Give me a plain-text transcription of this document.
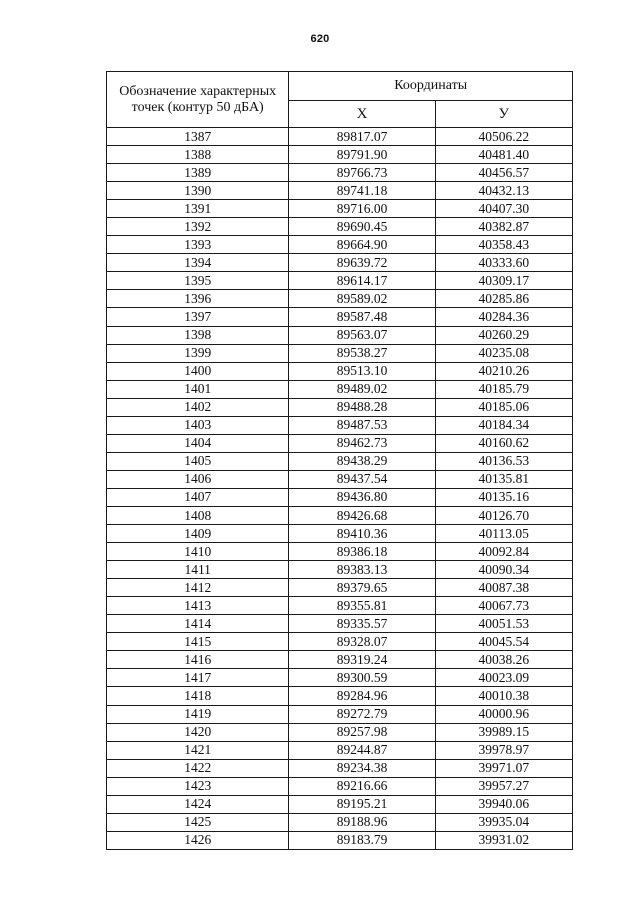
620
Обозначение характерных
точек (контур 50 дБА)	Координаты	
	X	У
1387	89817.07	40506.22
1388	89791.90	40481.40
1389	89766.73	40456.57
1390	89741.18	40432.13
1391	89716.00	40407.30
1392	89690.45	40382.87
1393	89664.90	40358.43
1394	89639.72	40333.60
1395	89614.17	40309.17
1396	89589.02	40285.86
1397	89587.48	40284.36
1398	89563.07	40260.29
1399	89538.27	40235.08
1400	89513.10	40210.26
1401	89489.02	40185.79
1402	89488.28	40185.06
1403	89487.53	40184.34
1404	89462.73	40160.62
1405	89438.29	40136.53
1406	89437.54	40135.81
1407	89436.80	40135.16
1408	89426.68	40126.70
1409	89410.36	40113.05
1410	89386.18	40092.84
1411	89383.13	40090.34
1412	89379.65	40087.38
1413	89355.81	40067.73
1414	89335.57	40051.53
1415	89328.07	40045.54
1416	89319.24	40038.26
1417	89300.59	40023.09
1418	89284.96	40010.38
1419	89272.79	40000.96
1420	89257.98	39989.15
1421	89244.87	39978.97
1422	89234.38	39971.07
1423	89216.66	39957.27
1424	89195.21	39940.06
1425	89188.96	39935.04
1426	89183.79	39931.02
